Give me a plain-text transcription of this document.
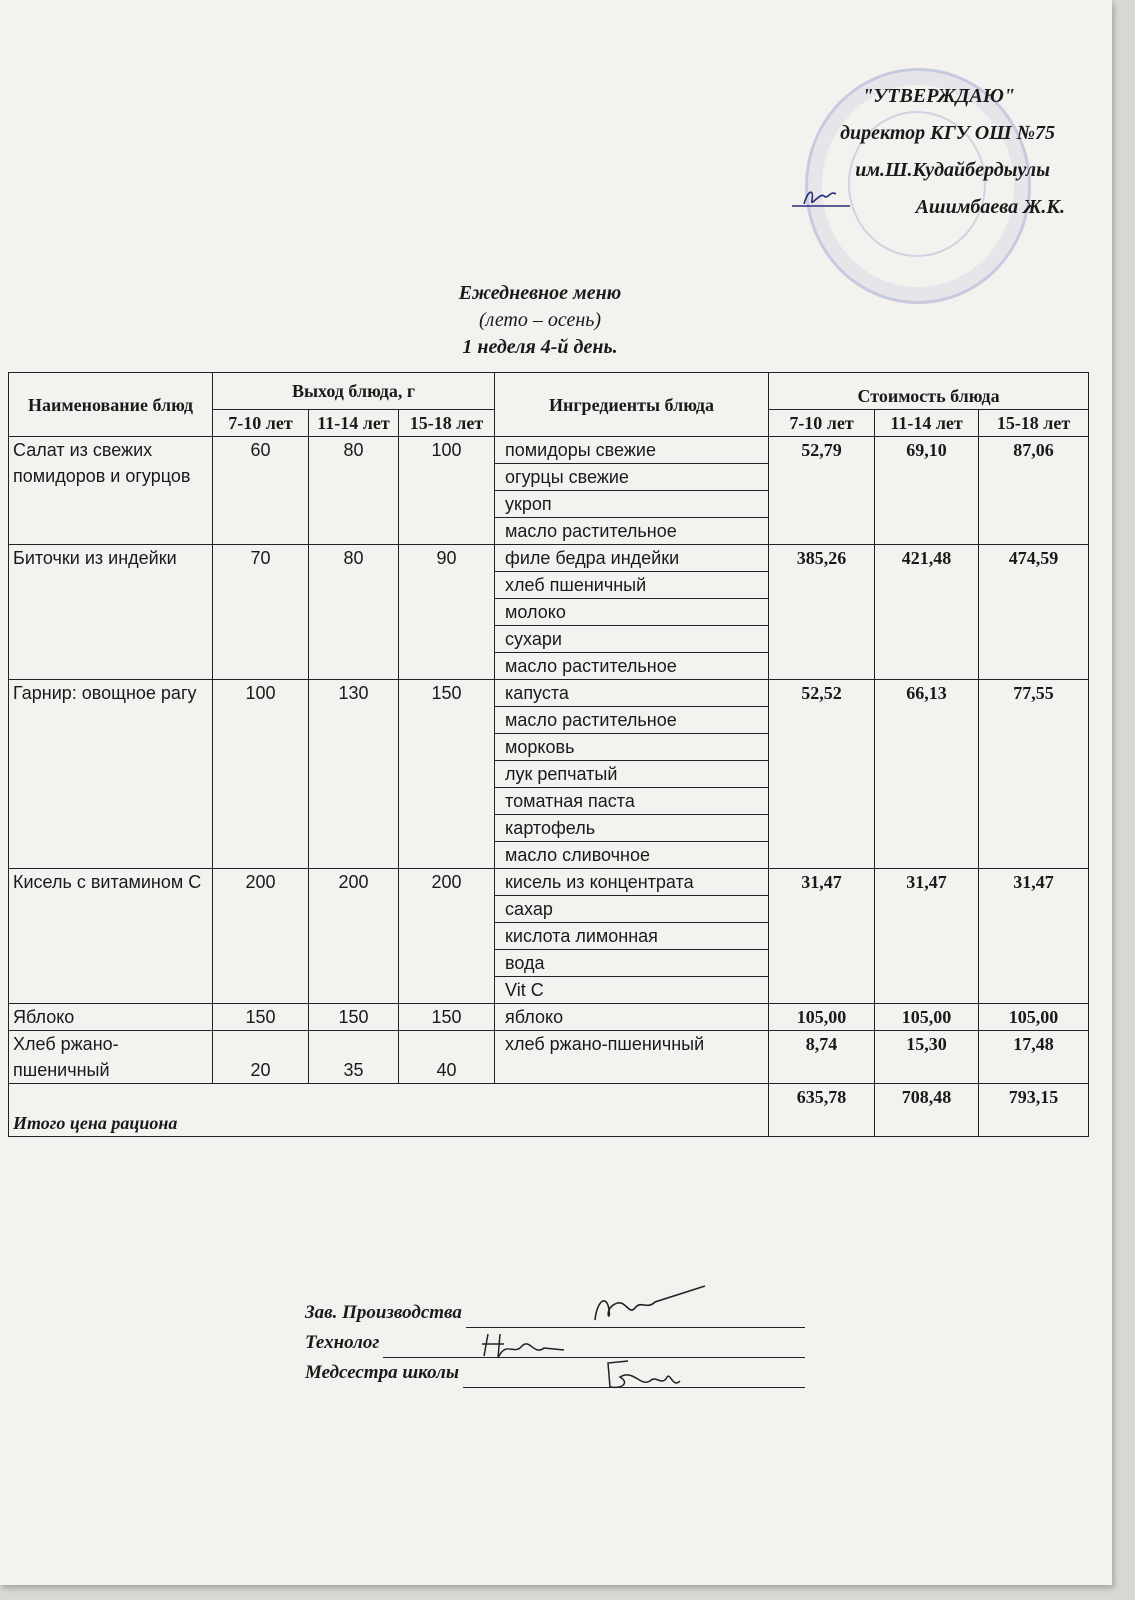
"УТВЕРЖДАЮ"
директор КГУ ОШ №75
им.Ш.Кудайбердыулы
Ашимбаева Ж.К.
Ежедневное меню
(лето – осень)
1 неделя 4-й день.
Наименование блюд	Выход блюда, г			Ингредиенты блюда	Стоимость блюда		
	7-10 лет	11-14 лет	15-18 лет		7-10 лет	11-14 лет	15-18 лет
Салат из свежих помидоров и огурцов	60	80	100	помидоры свежие	52,79	69,10	87,06
				огурцы свежие			
				укроп			
				масло растительное			
Биточки из индейки	70	80	90	филе бедра индейки	385,26	421,48	474,59
				хлеб пшеничный			
				молоко			
				сухари			
				масло растительное			
Гарнир: овощное рагу	100	130	150	капуста	52,52	66,13	77,55
				масло растительное			
				морковь			
				лук репчатый			
				томатная паста			
				картофель			
				масло сливочное			
Кисель с витамином С	200	200	200	кисель из концентрата	31,47	31,47	31,47
				сахар			
				кислота лимонная			
				вода			
				Vit C			
Яблоко	150	150	150	яблоко	105,00	105,00	105,00
Хлеб ржано-пшеничный	20	35	40	хлеб ржано-пшеничный	8,74	15,30	17,48
Итого цена рациона					635,78	708,48	793,15
Зав. Производства
Технолог
Медсестра школы
